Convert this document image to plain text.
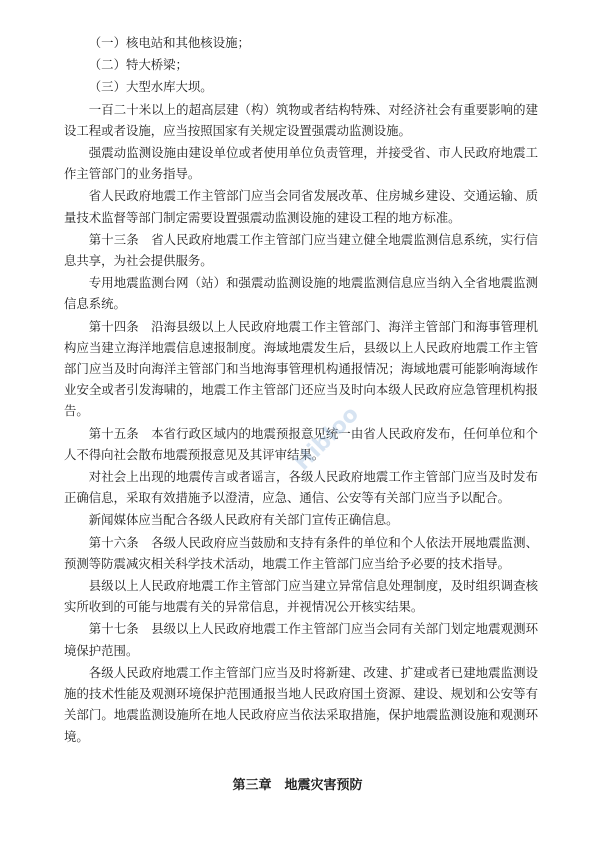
（一）核电站和其他核设施；

（二）特大桥梁；

（三）大型水库大坝。

一百二十米以上的超高层建（构）筑物或者结构特殊、对经济社会有重要影响的建设工程或者设施，应当按照国家有关规定设置强震动监测设施。

强震动监测设施由建设单位或者使用单位负责管理，并接受省、市人民政府地震工作主管部门的业务指导。

省人民政府地震工作主管部门应当会同省发展改革、住房城乡建设、交通运输、质量技术监督等部门制定需要设置强震动监测设施的建设工程的地方标准。

第十三条　省人民政府地震工作主管部门应当建立健全地震监测信息系统，实行信息共享，为社会提供服务。

专用地震监测台网（站）和强震动监测设施的地震监测信息应当纳入全省地震监测信息系统。

第十四条　沿海县级以上人民政府地震工作主管部门、海洋主管部门和海事管理机构应当建立海洋地震信息速报制度。海域地震发生后，县级以上人民政府地震工作主管部门应当及时向海洋主管部门和当地海事管理机构通报情况；海域地震可能影响海域作业安全或者引发海啸的，地震工作主管部门还应当及时向本级人民政府应急管理机构报告。

第十五条　本省行政区域内的地震预报意见统一由省人民政府发布，任何单位和个人不得向社会散布地震预报意见及其评审结果。

对社会上出现的地震传言或者谣言，各级人民政府地震工作主管部门应当及时发布正确信息，采取有效措施予以澄清，应急、通信、公安等有关部门应当予以配合。

新闻媒体应当配合各级人民政府有关部门宣传正确信息。

第十六条　各级人民政府应当鼓励和支持有条件的单位和个人依法开展地震监测、预测等防震减灾相关科学技术活动，地震工作主管部门应当给予必要的技术指导。

县级以上人民政府地震工作主管部门应当建立异常信息处理制度，及时组织调查核实所收到的可能与地震有关的异常信息，并视情况公开核实结果。

第十七条　县级以上人民政府地震工作主管部门应当会同有关部门划定地震观测环境保护范围。

各级人民政府地震工作主管部门应当及时将新建、改建、扩建或者已建地震监测设施的技术性能及观测环境保护范围通报当地人民政府国土资源、建设、规划和公安等有关部门。地震监测设施所在地人民政府应当依法采取措施，保护地震监测设施和观测环境。

第三章　地震灾害预防
Hibloo
